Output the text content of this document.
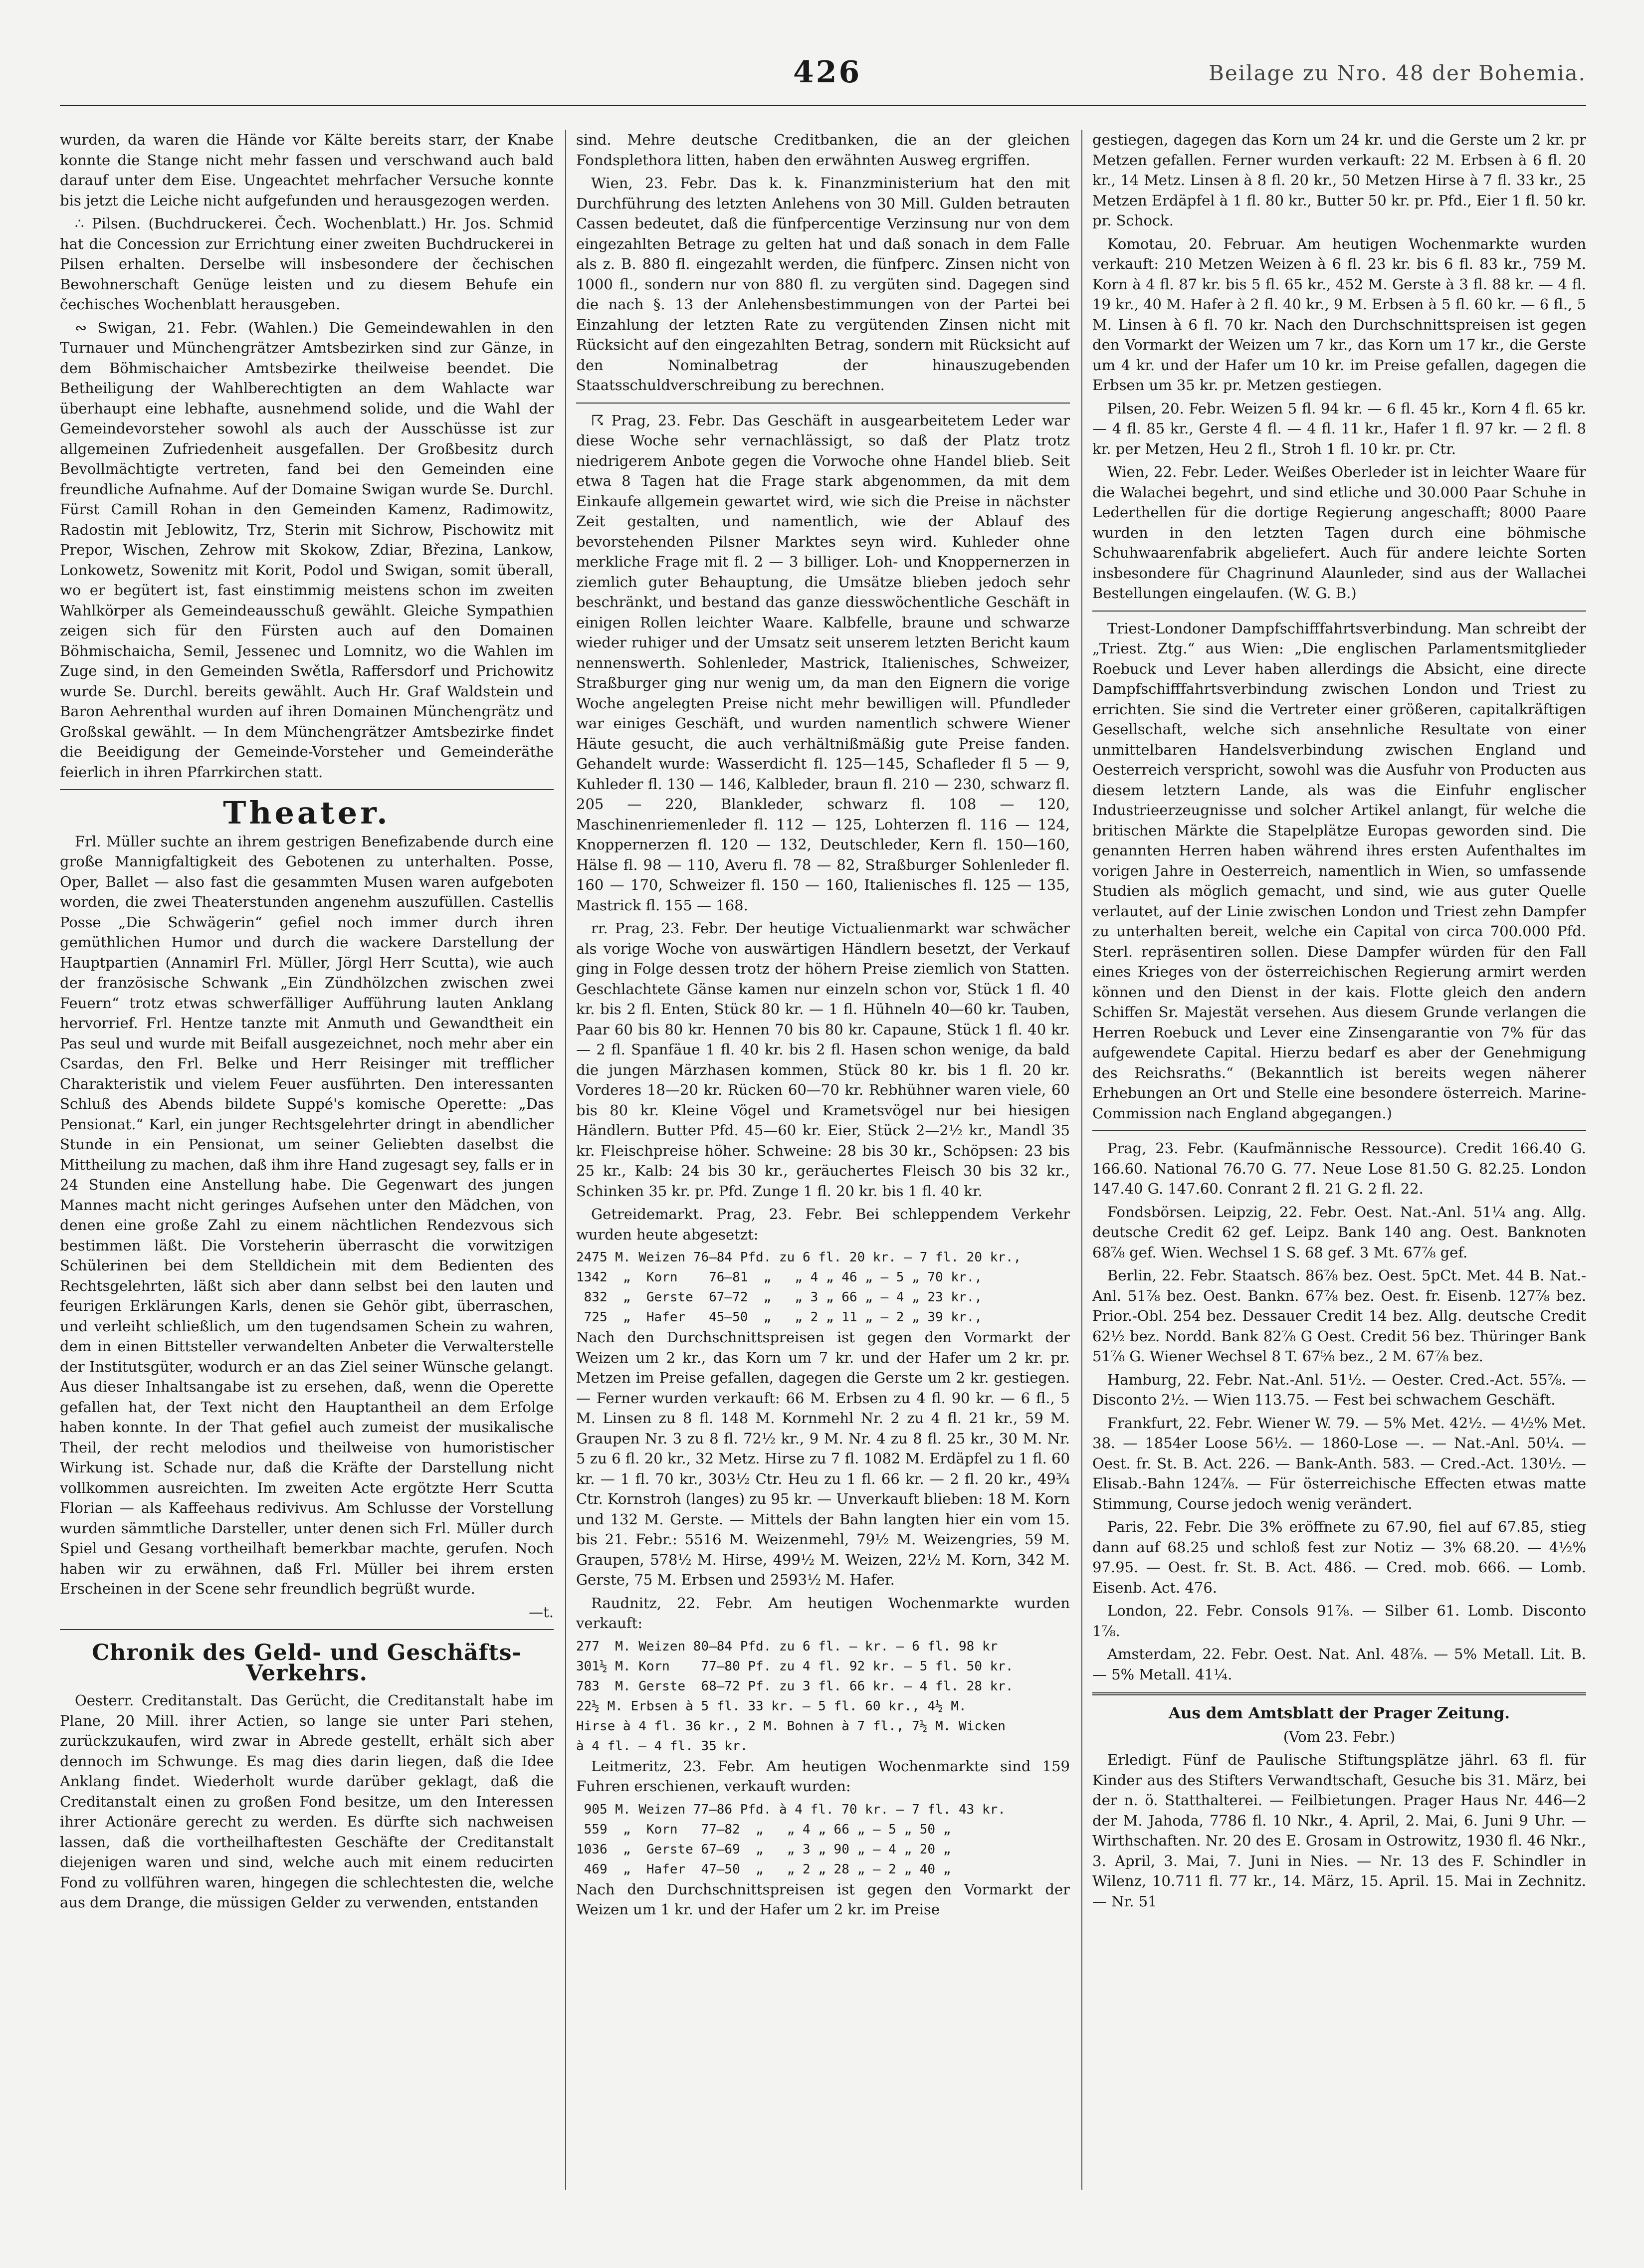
426	Beilage zu Nro. 48 der Bohemia.

wurden, da waren die Hände vor Kälte bereits starr, der Knabe konnte die Stange nicht mehr fassen und verschwand auch bald darauf unter dem Eise. Ungeachtet mehrfacher Versuche konnte bis jetzt die Leiche nicht aufgefunden und herausgezogen werden.

∴ Pilsen. (Buchdruckerei. Čech. Wochenblatt.) Hr. Jos. Schmid hat die Concession zur Errichtung einer zweiten Buchdruckerei in Pilsen erhalten. Derselbe will insbesondere der čechischen Bewohnerschaft Genüge leisten und zu diesem Behufe ein čechisches Wochenblatt herausgeben.

∾ Swigan, 21. Febr. (Wahlen.) Die Gemeindewahlen in den Turnauer und Münchengrätzer Amtsbezirken sind zur Gänze, in dem Böhmischaicher Amtsbezirke theilweise beendet. Die Betheiligung der Wahlberechtigten an dem Wahlacte war überhaupt eine lebhafte, ausnehmend solide, und die Wahl der Gemeindevorsteher sowohl als auch der Ausschüsse ist zur allgemeinen Zufriedenheit ausgefallen. Der Großbesitz durch Bevollmächtigte vertreten, fand bei den Gemeinden eine freundliche Aufnahme. Auf der Domaine Swigan wurde Se. Durchl. Fürst Camill Rohan in den Gemeinden Kamenz, Radimowitz, Radostin mit Jeblowitz, Trz, Sterin mit Sichrow, Pischowitz mit Prepor, Wischen, Zehrow mit Skokow, Zdiar, Březina, Lankow, Lonkowetz, Sowenitz mit Korit, Podol und Swigan, somit überall, wo er begütert ist, fast einstimmig meistens schon im zweiten Wahlkörper als Gemeindeausschuß gewählt. Gleiche Sympathien zeigen sich für den Fürsten auch auf den Domainen Böhmischaicha, Semil, Jessenec und Lomnitz, wo die Wahlen im Zuge sind, in den Gemeinden Swětla, Raffersdorf und Prichowitz wurde Se. Durchl. bereits gewählt. Auch Hr. Graf Waldstein und Baron Aehrenthal wurden auf ihren Domainen Münchengrätz und Großskal gewählt. — In dem Münchengrätzer Amtsbezirke findet die Beeidigung der Gemeinde-Vorsteher und Gemeinderäthe feierlich in ihren Pfarrkirchen statt.

Theater.

Frl. Müller suchte an ihrem gestrigen Benefizabende durch eine große Mannigfaltigkeit des Gebotenen zu unterhalten. Posse, Oper, Ballet — also fast die gesammten Musen waren aufgeboten worden, die zwei Theaterstunden angenehm auszufüllen. Castellis Posse „Die Schwägerin“ gefiel noch immer durch ihren gemüthlichen Humor und durch die wackere Darstellung der Hauptpartien (Annamirl Frl. Müller, Jörgl Herr Scutta), wie auch der französische Schwank „Ein Zündhölzchen zwischen zwei Feuern“ trotz etwas schwerfälliger Aufführung lauten Anklang hervorrief. Frl. Hentze tanzte mit Anmuth und Gewandtheit ein Pas seul und wurde mit Beifall ausgezeichnet, noch mehr aber ein Csardas, den Frl. Belke und Herr Reisinger mit trefflicher Charakteristik und vielem Feuer ausführten. Den interessanten Schluß des Abends bildete Suppé's komische Operette: „Das Pensionat.“ Karl, ein junger Rechtsgelehrter dringt in abendlicher Stunde in ein Pensionat, um seiner Geliebten daselbst die Mittheilung zu machen, daß ihm ihre Hand zugesagt sey, falls er in 24 Stunden eine Anstellung habe. Die Gegenwart des jungen Mannes macht nicht geringes Aufsehen unter den Mädchen, von denen eine große Zahl zu einem nächtlichen Rendezvous sich bestimmen läßt. Die Vorsteherin überrascht die vorwitzigen Schülerinen bei dem Stelldichein mit dem Bedienten des Rechtsgelehrten, läßt sich aber dann selbst bei den lauten und feurigen Erklärungen Karls, denen sie Gehör gibt, überraschen, und verleiht schließlich, um den tugendsamen Schein zu wahren, dem in einen Bittsteller verwandelten Anbeter die Verwalterstelle der Institutsgüter, wodurch er an das Ziel seiner Wünsche gelangt. Aus dieser Inhaltsangabe ist zu ersehen, daß, wenn die Operette gefallen hat, der Text nicht den Hauptantheil an dem Erfolge haben konnte. In der That gefiel auch zumeist der musikalische Theil, der recht melodios und theilweise von humoristischer Wirkung ist. Schade nur, daß die Kräfte der Darstellung nicht vollkommen ausreichten. Im zweiten Acte ergötzte Herr Scutta Florian — als Kaffeehaus redivivus. Am Schlusse der Vorstellung wurden sämmtliche Darsteller, unter denen sich Frl. Müller durch Spiel und Gesang vortheilhaft bemerkbar machte, gerufen. Noch haben wir zu erwähnen, daß Frl. Müller bei ihrem ersten Erscheinen in der Scene sehr freundlich begrüßt wurde.

—t.

Chronik des Geld- und Geschäfts-Verkehrs.

Oesterr. Creditanstalt. Das Gerücht, die Creditanstalt habe im Plane, 20 Mill. ihrer Actien, so lange sie unter Pari stehen, zurückzukaufen, wird zwar in Abrede gestellt, erhält sich aber dennoch im Schwunge. Es mag dies darin liegen, daß die Idee Anklang findet. Wiederholt wurde darüber geklagt, daß die Creditanstalt einen zu großen Fond besitze, um den Interessen ihrer Actionäre gerecht zu werden. Es dürfte sich nachweisen lassen, daß die vortheilhaftesten Geschäfte der Creditanstalt diejenigen waren und sind, welche auch mit einem reducirten Fond zu vollführen waren, hingegen die schlechtesten die, welche aus dem Drange, die müssigen Gelder zu verwenden, entstanden

sind. Mehre deutsche Creditbanken, die an der gleichen Fondsplethora litten, haben den erwähnten Ausweg ergriffen.

Wien, 23. Febr. Das k. k. Finanzministerium hat den mit Durchführung des letzten Anlehens von 30 Mill. Gulden betrauten Cassen bedeutet, daß die fünfpercentige Verzinsung nur von dem eingezahlten Betrage zu gelten hat und daß sonach in dem Falle als z. B. 880 fl. eingezahlt werden, die fünfperc. Zinsen nicht von 1000 fl., sondern nur von 880 fl. zu vergüten sind. Dagegen sind die nach §. 13 der Anlehensbestimmungen von der Partei bei Einzahlung der letzten Rate zu vergütenden Zinsen nicht mit Rücksicht auf den eingezahlten Betrag, sondern mit Rücksicht auf den Nominalbetrag der hinauszugebenden Staatsschuldverschreibung zu berechnen.

☈ Prag, 23. Febr. Das Geschäft in ausgearbeitetem Leder war diese Woche sehr vernachlässigt, so daß der Platz trotz niedrigerem Anbote gegen die Vorwoche ohne Handel blieb. Seit etwa 8 Tagen hat die Frage stark abgenommen, da mit dem Einkaufe allgemein gewartet wird, wie sich die Preise in nächster Zeit gestalten, und namentlich, wie der Ablauf des bevorstehenden Pilsner Marktes seyn wird. Kuhleder ohne merkliche Frage mit fl. 2 — 3 billiger. Loh- und Knoppernerzen in ziemlich guter Behauptung, die Umsätze blieben jedoch sehr beschränkt, und bestand das ganze diesswöchentliche Geschäft in einigen Rollen leichter Waare. Kalbfelle, braune und schwarze wieder ruhiger und der Umsatz seit unserem letzten Bericht kaum nennenswerth. Sohlenleder, Mastrick, Italienisches, Schweizer, Straßburger ging nur wenig um, da man den Eignern die vorige Woche angelegten Preise nicht mehr bewilligen will. Pfundleder war einiges Geschäft, und wurden namentlich schwere Wiener Häute gesucht, die auch verhältnißmäßig gute Preise fanden. Gehandelt wurde: Wasserdicht fl. 125—145, Schafleder fl 5 — 9, Kuhleder fl. 130 — 146, Kalbleder, braun fl. 210 — 230, schwarz fl. 205 — 220, Blankleder, schwarz fl. 108 — 120, Maschinenriemenleder fl. 112 — 125, Lohterzen fl. 116 — 124, Knoppernerzen fl. 120 — 132, Deutschleder, Kern fl. 150—160, Hälse fl. 98 — 110, Averu fl. 78 — 82, Straßburger Sohlenleder fl. 160 — 170, Schweizer fl. 150 — 160, Italienisches fl. 125 — 135, Mastrick fl. 155 — 168.

rr. Prag, 23. Febr. Der heutige Victualienmarkt war schwächer als vorige Woche von auswärtigen Händlern besetzt, der Verkauf ging in Folge dessen trotz der höhern Preise ziemlich von Statten. Geschlachtete Gänse kamen nur einzeln schon vor, Stück 1 fl. 40 kr. bis 2 fl. Enten, Stück 80 kr. — 1 fl. Hühneln 40—60 kr. Tauben, Paar 60 bis 80 kr. Hennen 70 bis 80 kr. Capaune, Stück 1 fl. 40 kr. — 2 fl. Spanfäue 1 fl. 40 kr. bis 2 fl. Hasen schon wenige, da bald die jungen Märzhasen kommen, Stück 80 kr. bis 1 fl. 20 kr. Vorderes 18—20 kr. Rücken 60—70 kr. Rebhühner waren viele, 60 bis 80 kr. Kleine Vögel und Krametsvögel nur bei hiesigen Händlern. Butter Pfd. 45—60 kr. Eier, Stück 2—2½ kr., Mandl 35 kr. Fleischpreise höher. Schweine: 28 bis 30 kr., Schöpsen: 23 bis 25 kr., Kalb: 24 bis 30 kr., geräuchertes Fleisch 30 bis 32 kr., Schinken 35 kr. pr. Pfd. Zunge 1 fl. 20 kr. bis 1 fl. 40 kr.

Getreidemarkt. Prag, 23. Febr. Bei schleppendem Verkehr wurden heute abgesetzt:

2475 M. Weizen 76—84 Pfd. zu 6 fl. 20 kr. — 7 fl. 20 kr.,
1342  „  Korn    76—81  „   „ 4 „ 46 „ — 5 „ 70 kr.,
832  „  Gerste  67—72  „   „ 3 „ 66 „ — 4 „ 23 kr.,
725  „  Hafer   45—50  „   „ 2 „ 11 „ — 2 „ 39 kr.,

Nach den Durchschnittspreisen ist gegen den Vormarkt der Weizen um 2 kr., das Korn um 7 kr. und der Hafer um 2 kr. pr. Metzen im Preise gefallen, dagegen die Gerste um 2 kr. gestiegen. — Ferner wurden verkauft: 66 M. Erbsen zu 4 fl. 90 kr. — 6 fl., 5 M. Linsen zu 8 fl. 148 M. Kornmehl Nr. 2 zu 4 fl. 21 kr., 59 M. Graupen Nr. 3 zu 8 fl. 72½ kr., 9 M. Nr. 4 zu 8 fl. 25 kr., 30 M. Nr. 5 zu 6 fl. 20 kr., 32 Metz. Hirse zu 7 fl. 1082 M. Erdäpfel zu 1 fl. 60 kr. — 1 fl. 70 kr., 303½ Ctr. Heu zu 1 fl. 66 kr. — 2 fl. 20 kr., 49¾ Ctr. Kornstroh (langes) zu 95 kr. — Unverkauft blieben: 18 M. Korn und 132 M. Gerste. — Mittels der Bahn langten hier ein vom 15. bis 21. Febr.: 5516 M. Weizenmehl, 79½ M. Weizengries, 59 M. Graupen, 578½ M. Hirse, 499½ M. Weizen, 22½ M. Korn, 342 M. Gerste, 75 M. Erbsen und 2593½ M. Hafer.

Raudnitz, 22. Febr. Am heutigen Wochenmarkte wurden verkauft:

277  M. Weizen 80—84 Pfd. zu 6 fl. — kr. — 6 fl. 98 kr
301½ M. Korn    77—80 Pf. zu 4 fl. 92 kr. — 5 fl. 50 kr.
783  M. Gerste  68—72 Pf. zu 3 fl. 66 kr. — 4 fl. 28 kr.
22½ M. Erbsen à 5 fl. 33 kr. — 5 fl. 60 kr., 4½ M.
Hirse à 4 fl. 36 kr., 2 M. Bohnen à 7 fl., 7½ M. Wicken
à 4 fl. — 4 fl. 35 kr.

Leitmeritz, 23. Febr. Am heutigen Wochenmarkte sind 159 Fuhren erschienen, verkauft wurden:

905 M. Weizen 77—86 Pfd. à 4 fl. 70 kr. — 7 fl. 43 kr.
559  „  Korn   77—82  „   „ 4 „ 66 „ — 5 „ 50 „
1036  „  Gerste 67—69  „   „ 3 „ 90 „ — 4 „ 20 „
469  „  Hafer  47—50  „   „ 2 „ 28 „ — 2 „ 40 „

Nach den Durchschnittspreisen ist gegen den Vormarkt der Weizen um 1 kr. und der Hafer um 2 kr. im Preise

gestiegen, dagegen das Korn um 24 kr. und die Gerste um 2 kr. pr Metzen gefallen. Ferner wurden verkauft: 22 M. Erbsen à 6 fl. 20 kr., 14 Metz. Linsen à 8 fl. 20 kr., 50 Metzen Hirse à 7 fl. 33 kr., 25 Metzen Erdäpfel à 1 fl. 80 kr., Butter 50 kr. pr. Pfd., Eier 1 fl. 50 kr. pr. Schock.

Komotau, 20. Februar. Am heutigen Wochenmarkte wurden verkauft: 210 Metzen Weizen à 6 fl. 23 kr. bis 6 fl. 83 kr., 759 M. Korn à 4 fl. 87 kr. bis 5 fl. 65 kr., 452 M. Gerste à 3 fl. 88 kr. — 4 fl. 19 kr., 40 M. Hafer à 2 fl. 40 kr., 9 M. Erbsen à 5 fl. 60 kr. — 6 fl., 5 M. Linsen à 6 fl. 70 kr. Nach den Durchschnittspreisen ist gegen den Vormarkt der Weizen um 7 kr., das Korn um 17 kr., die Gerste um 4 kr. und der Hafer um 10 kr. im Preise gefallen, dagegen die Erbsen um 35 kr. pr. Metzen gestiegen.

Pilsen, 20. Febr. Weizen 5 fl. 94 kr. — 6 fl. 45 kr., Korn 4 fl. 65 kr. — 4 fl. 85 kr., Gerste 4 fl. — 4 fl. 11 kr., Hafer 1 fl. 97 kr. — 2 fl. 8 kr. per Metzen, Heu 2 fl., Stroh 1 fl. 10 kr. pr. Ctr.

Wien, 22. Febr. Leder. Weißes Oberleder ist in leichter Waare für die Walachei begehrt, und sind etliche und 30.000 Paar Schuhe in Lederthellen für die dortige Regierung angeschafft; 8000 Paare wurden in den letzten Tagen durch eine böhmische Schuhwaarenfabrik abgeliefert. Auch für andere leichte Sorten insbesondere für Chagrinund Alaunleder, sind aus der Wallachei Bestellungen eingelaufen. (W. G. B.)

Triest-Londoner Dampfschifffahrtsverbindung. Man schreibt der „Triest. Ztg.“ aus Wien: „Die englischen Parlamentsmitglieder Roebuck und Lever haben allerdings die Absicht, eine directe Dampfschifffahrtsverbindung zwischen London und Triest zu errichten. Sie sind die Vertreter einer größeren, capitalkräftigen Gesellschaft, welche sich ansehnliche Resultate von einer unmittelbaren Handelsverbindung zwischen England und Oesterreich verspricht, sowohl was die Ausfuhr von Producten aus diesem letztern Lande, als was die Einfuhr englischer Industrieerzeugnisse und solcher Artikel anlangt, für welche die britischen Märkte die Stapelplätze Europas geworden sind. Die genannten Herren haben während ihres ersten Aufenthaltes im vorigen Jahre in Oesterreich, namentlich in Wien, so umfassende Studien als möglich gemacht, und sind, wie aus guter Quelle verlautet, auf der Linie zwischen London und Triest zehn Dampfer zu unterhalten bereit, welche ein Capital von circa 700.000 Pfd. Sterl. repräsentiren sollen. Diese Dampfer würden für den Fall eines Krieges von der österreichischen Regierung armirt werden können und den Dienst in der kais. Flotte gleich den andern Schiffen Sr. Majestät versehen. Aus diesem Grunde verlangen die Herren Roebuck und Lever eine Zinsengarantie von 7% für das aufgewendete Capital. Hierzu bedarf es aber der Genehmigung des Reichsraths.“ (Bekanntlich ist bereits wegen näherer Erhebungen an Ort und Stelle eine besondere österreich. Marine-Commission nach England abgegangen.)

Prag, 23. Febr. (Kaufmännische Ressource). Credit 166.40 G. 166.60. National 76.70 G. 77. Neue Lose 81.50 G. 82.25. London 147.40 G. 147.60. Conrant 2 fl. 21 G. 2 fl. 22.

Fondsbörsen. Leipzig, 22. Febr. Oest. Nat.-Anl. 51¼ ang. Allg. deutsche Credit 62 gef. Leipz. Bank 140 ang. Oest. Banknoten 68⅞ gef. Wien. Wechsel 1 S. 68 gef. 3 Mt. 67⅞ gef.

Berlin, 22. Febr. Staatsch. 86⅞ bez. Oest. 5pCt. Met. 44 B. Nat.-Anl. 51⅞ bez. Oest. Bankn. 67⅞ bez. Oest. fr. Eisenb. 127⅞ bez. Prior.-Obl. 254 bez. Dessauer Credit 14 bez. Allg. deutsche Credit 62½ bez. Nordd. Bank 82⅞ G Oest. Credit 56 bez. Thüringer Bank 51⅞ G. Wiener Wechsel 8 T. 67⅝ bez., 2 M. 67⅞ bez.

Hamburg, 22. Febr. Nat.-Anl. 51½. — Oester. Cred.-Act. 55⅞. — Disconto 2½. — Wien 113.75. — Fest bei schwachem Geschäft.

Frankfurt, 22. Febr. Wiener W. 79. — 5% Met. 42½. — 4½% Met. 38. — 1854er Loose 56½. — 1860-Lose —. — Nat.-Anl. 50¼. — Oest. fr. St. B. Act. 226. — Bank-Anth. 583. — Cred.-Act. 130½. — Elisab.-Bahn 124⅞. — Für österreichische Effecten etwas matte Stimmung, Course jedoch wenig verändert.

Paris, 22. Febr. Die 3% eröffnete zu 67.90, fiel auf 67.85, stieg dann auf 68.25 und schloß fest zur Notiz — 3% 68.20. — 4½% 97.95. — Oest. fr. St. B. Act. 486. — Cred. mob. 666. — Lomb. Eisenb. Act. 476.

London, 22. Febr. Consols 91⅞. — Silber 61. Lomb. Disconto 1⅞.

Amsterdam, 22. Febr. Oest. Nat. Anl. 48⅞. — 5% Metall. Lit. B. — 5% Metall. 41¼.

Aus dem Amtsblatt der Prager Zeitung.

(Vom 23. Febr.)

Erledigt. Fünf de Paulische Stiftungsplätze jährl. 63 fl. für Kinder aus des Stifters Verwandtschaft, Gesuche bis 31. März, bei der n. ö. Statthalterei. — Feilbietungen. Prager Haus Nr. 446—2 der M. Jahoda, 7786 fl. 10 Nkr., 4. April, 2. Mai, 6. Juni 9 Uhr. — Wirthschaften. Nr. 20 des E. Grosam in Ostrowitz, 1930 fl. 46 Nkr., 3. April, 3. Mai, 7. Juni in Nies. — Nr. 13 des F. Schindler in Wilenz, 10.711 fl. 77 kr., 14. März, 15. April. 15. Mai in Zechnitz. — Nr. 51
